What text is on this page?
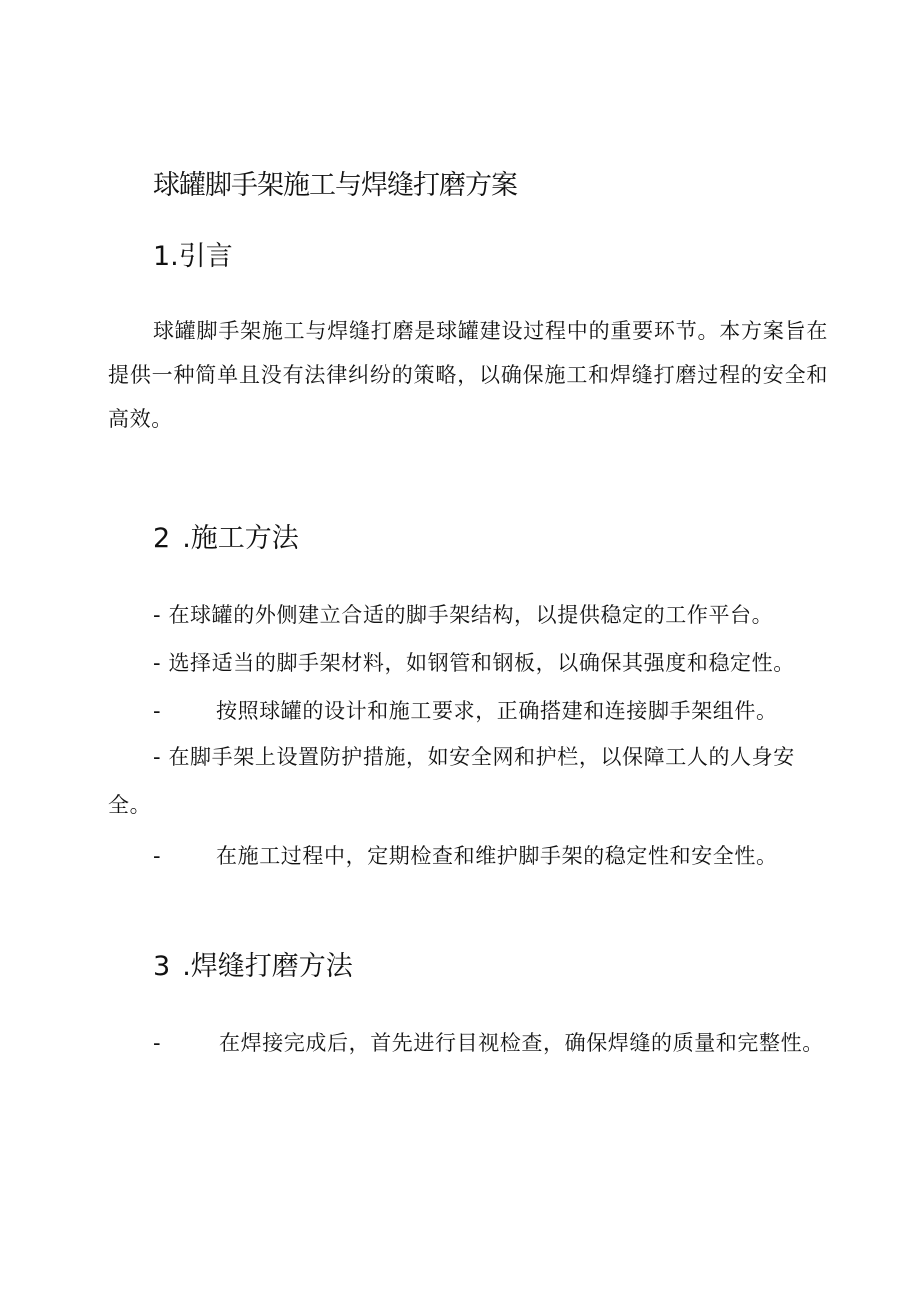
球罐脚手架施工与焊缝打磨方案
1.引言
球罐脚手架施工与焊缝打磨是球罐建设过程中的重要环节。本方案旨在提供一种简单且没有法律纠纷的策略，以确保施工和焊缝打磨过程的安全和高效。
2 .施工方法
- 在球罐的外侧建立合适的脚手架结构，以提供稳定的工作平台。
- 选择适当的脚手架材料，如钢管和钢板，以确保其强度和稳定性。
-	按照球罐的设计和施工要求，正确搭建和连接脚手架组件。
- 在脚手架上设置防护措施，如安全网和护栏，以保障工人的人身安全。
-	在施工过程中，定期检查和维护脚手架的稳定性和安全性。
3 .焊缝打磨方法
-	在焊接完成后，首先进行目视检查，确保焊缝的质量和完整性。
